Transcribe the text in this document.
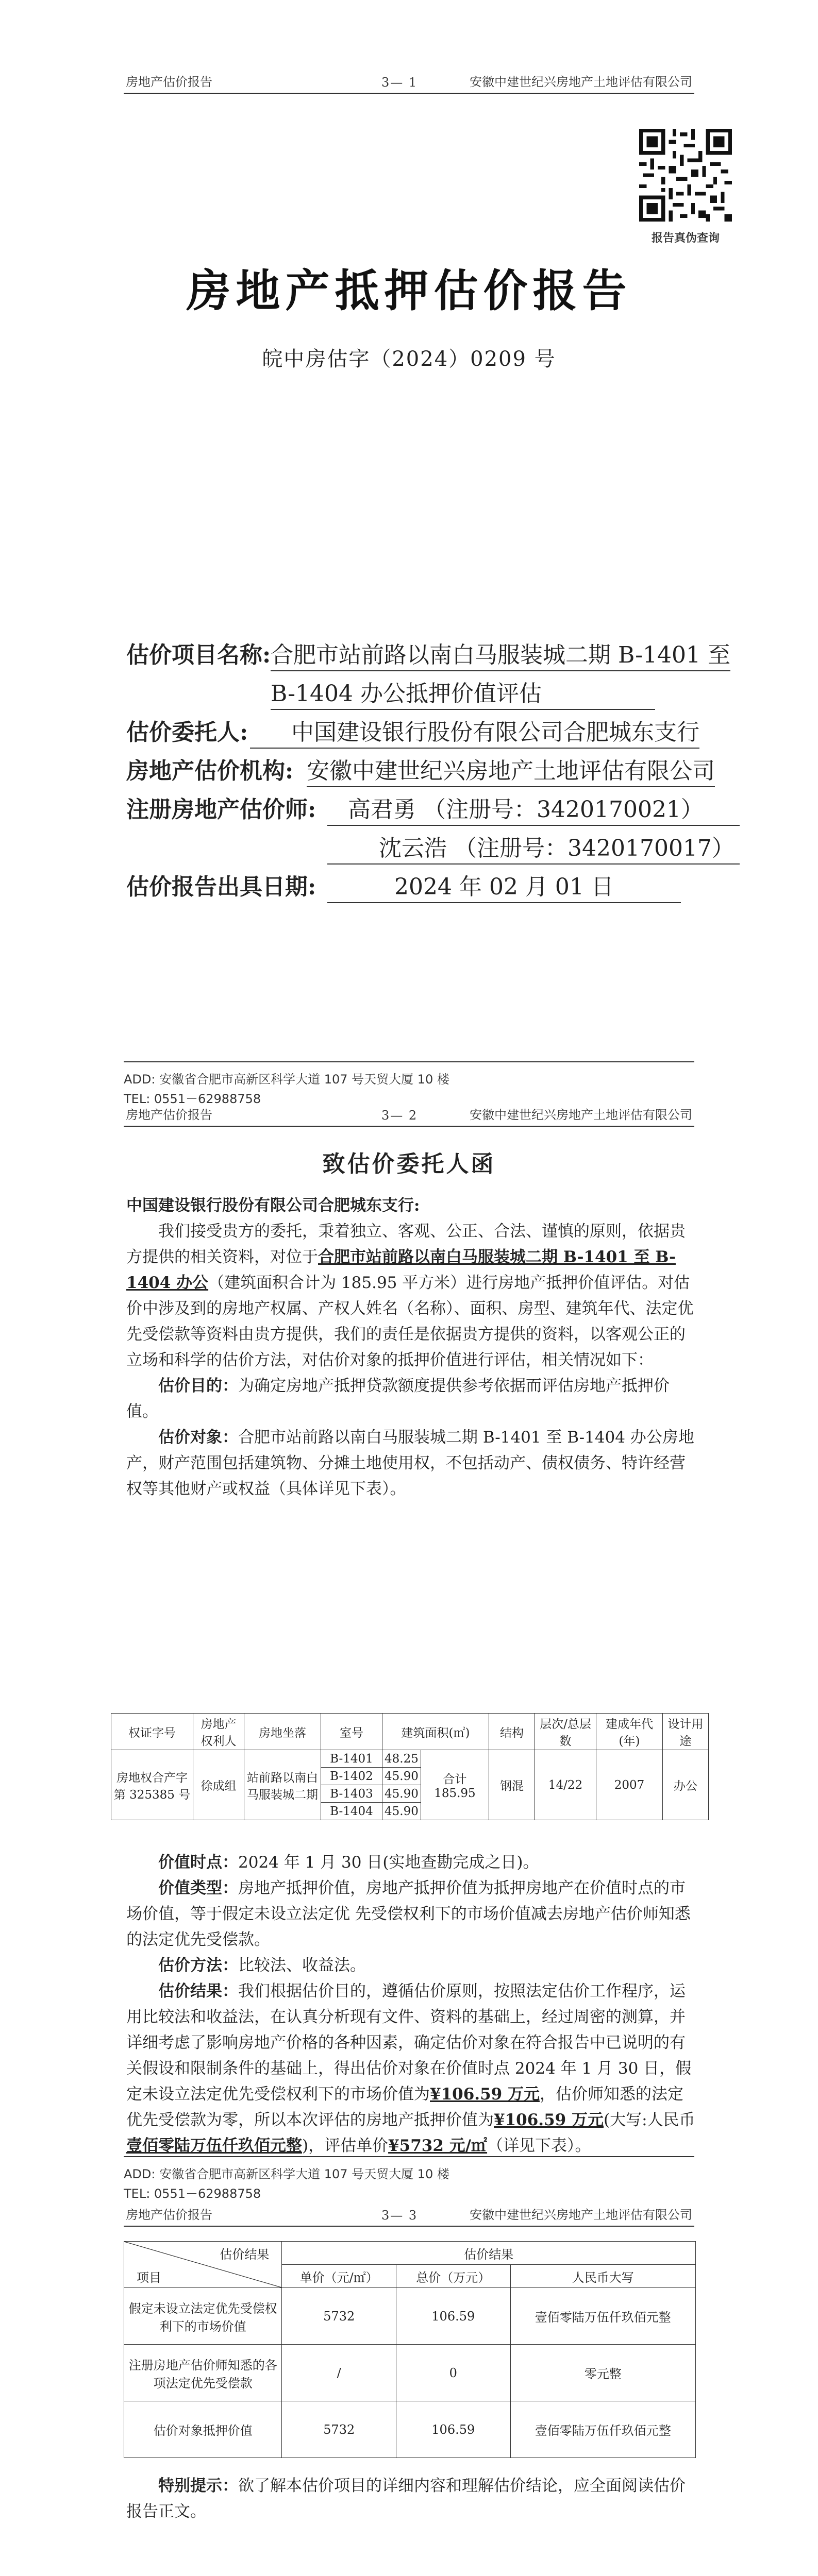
房地产估价报告	3— 1	安徽中建世纪兴房地产土地评估有限公司
报告真伪查询
房地产抵押估价报告
皖中房估字（2024）0209 号
估价项目名称: 合肥市站前路以南白马服装城二期 B-1401 至
B-1404 办公抵押价值评估
估价委托人:	中国建设银行股份有限公司合肥城东支行
房地产估价机构: 安徽中建世纪兴房地产土地评估有限公司
注册房地产估价师:	高君勇 （注册号：3420170021）
沈云浩 （注册号：3420170017）
估价报告出具日期:	2024 年 02 月 01 日
ADD: 安徽省合肥市高新区科学大道 107 号天贸大厦 10 楼
TEL: 0551－62988758
房地产估价报告	3— 2	安徽中建世纪兴房地产土地评估有限公司
致估价委托人函
中国建设银行股份有限公司合肥城东支行:

我们接受贵方的委托，秉着独立、客观、公正、合法、谨慎的原则，依据贵方提供的相关资料，对位于合肥市站前路以南白马服装城二期 B-1401 至 B-1404 办公（建筑面积合计为 185.95 平方米）进行房地产抵押价值评估。对估价中涉及到的房地产权属、产权人姓名（名称）、面积、房型、建筑年代、法定优先受偿款等资料由贵方提供，我们的责任是依据贵方提供的资料，以客观公正的立场和科学的估价方法，对估价对象的抵押价值进行评估，相关情况如下：

估价目的：为确定房地产抵押贷款额度提供参考依据而评估房地产抵押价值。

估价对象：合肥市站前路以南白马服装城二期 B-1401 至 B-1404 办公房地产，财产范围包括建筑物、分摊土地使用权，不包括动产、债权债务、特许经营权等其他财产或权益（具体详见下表）。

权证字号	房地产权利人	房地坐落	室号	建筑面积(㎡)		结构	层次/总层数	建成年代(年)	设计用途
房地权合产字第 325385 号	徐成组	站前路以南白马服装城二期	B-1401	48.25	合计 185.95	钢混	14/22	2007	办公
			B-1402	45.90					
			B-1403	45.90					
			B-1404	45.90					

价值时点：2024 年 1 月 30 日(实地查勘完成之日)。

价值类型：房地产抵押价值，房地产抵押价值为抵押房地产在价值时点的市场价值，等于假定未设立法定优 先受偿权利下的市场价值减去房地产估价师知悉的法定优先受偿款。

估价方法：比较法、收益法。

估价结果：我们根据估价目的，遵循估价原则，按照法定估价工作程序，运用比较法和收益法，在认真分析现有文件、资料的基础上，经过周密的测算，并详细考虑了影响房地产价格的各种因素，确定估价对象在符合报告中已说明的有关假设和限制条件的基础上，得出估价对象在价值时点 2024 年 1 月 30 日，假定未设立法定优先受偿权利下的市场价值为¥106.59 万元，估价师知悉的法定优先受偿款为零，所以本次评估的房地产抵押价值为¥106.59 万元(大写:人民币壹佰零陆万伍仟玖佰元整)，评估单价¥5732 元/㎡（详见下表）。

ADD: 安徽省合肥市高新区科学大道 107 号天贸大厦 10 楼
TEL: 0551－62988758
房地产估价报告	3— 3	安徽中建世纪兴房地产土地评估有限公司
估价结果
项目	估价结果		
	单价（元/㎡）	总价（万元）	人民币大写
假定未设立法定优先受偿权利下的市场价值	5732	106.59	壹佰零陆万伍仟玖佰元整
注册房地产估价师知悉的各项法定优先受偿款	/	0	零元整
估价对象抵押价值	5732	106.59	壹佰零陆万伍仟玖佰元整

特别提示：欲了解本估价项目的详细内容和理解估价结论，应全面阅读估价报告正文。
